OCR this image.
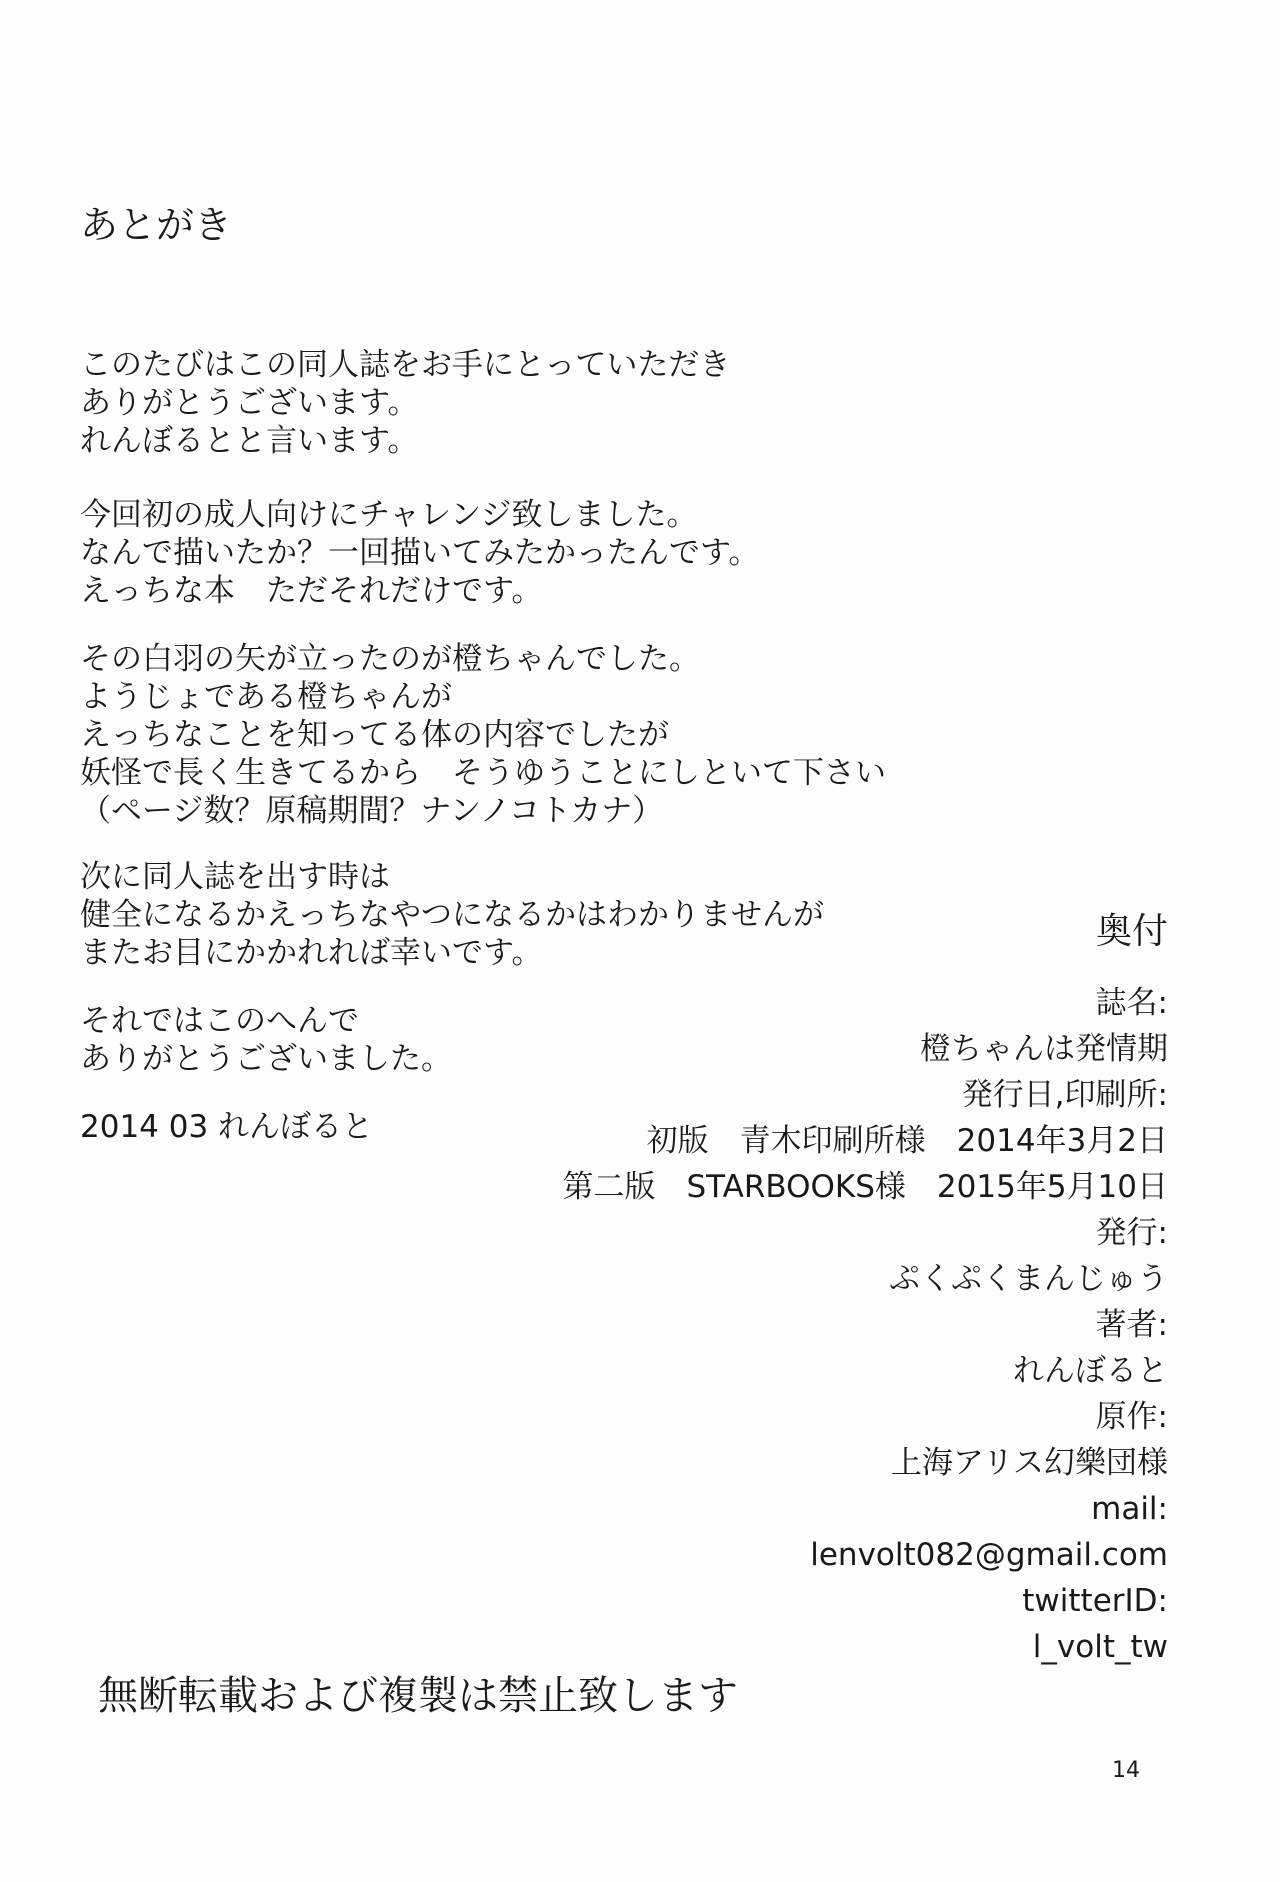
あとがき
このたびはこの同人誌をお手にとっていただき
ありがとうございます。
れんぼるとと言います。
今回初の成人向けにチャレンジ致しました。
なんで描いたか？一回描いてみたかったんです。
えっちな本　ただそれだけです。
その白羽の矢が立ったのが橙ちゃんでした。
ようじょである橙ちゃんが
えっちなことを知ってる体の内容でしたが
妖怪で長く生きてるから　そうゆうことにしといて下さい
（ページ数？原稿期間？ナンノコトカナ）
次に同人誌を出す時は
健全になるかえっちなやつになるかはわかりませんが
またお目にかかれれば幸いです。
それではこのへんで
ありがとうございました。
2014 03 れんぼると
奥付
誌名:
橙ちゃんは発情期
発行日,印刷所:
初版　青木印刷所様　2014年3月2日
第二版　STARBOOKS様　2015年5月10日
発行:
ぷくぷくまんじゅう
著者:
れんぼると
原作:
上海アリス幻樂団様
mail:
lenvolt082@gmail.com
twitterID:
l_volt_tw
無断転載および複製は禁止致します
14
